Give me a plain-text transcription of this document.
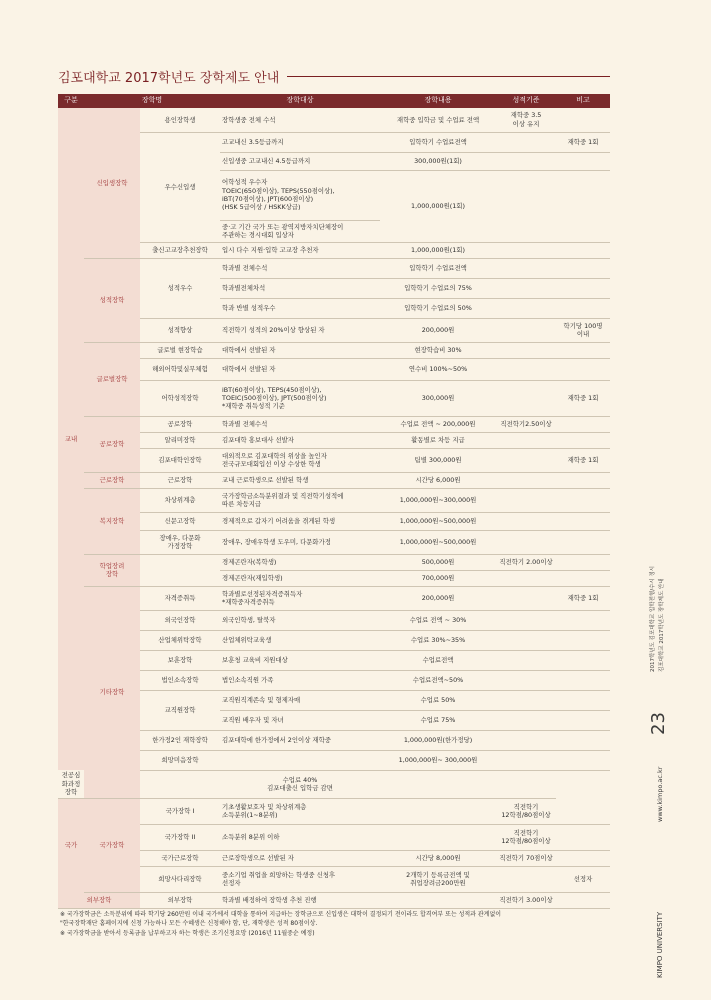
김포대학교 2017학년도 장학제도 안내
구분	장학명		장학대상	장학내용	성적기준	비고
교내	신입생장학	용인장학생	장학생중 전체 수석	재학중 입학금 및 수업료 전액	재학중 3.5
이상 유지	
		우수신입생	고교내신 3.5등급까지	입학학기 수업료전액		재학중 1회
			신입생중 고교내신 4.5등급까지	300,000원(1회)		
			어학성적 우수자
TOEIC(650점이상), TEPS(550점이상),
iBT(70점이상), JPT(600점이상)
(HSK 5급이상 / HSKK상급)	1,000,000원(1회)		
			중·고 기간 국가 또는 광역지방자치단체장이
주관하는 경시대회 입상자			
		출신고교장추천장학	입시 다수 지원·입학 고교장 추천자	1,000,000원(1회)		
	성적장학	성적우수	학과별 전체수석	입학학기 수업료전액		
			학과별전체차석	입학학기 수업료의 75%		
			학과 반별 성적우수	입학학기 수업료의 50%		
		성적향상	직전학기 성적의 20%이상 향상된 자	200,000원		학기당 100명
이내
	글로벌장학	글로벌 현장학습	대학에서 선발된 자	현장학습비 30%		
		해외어학및실무체험	대학에서 선발된 자	연수비 100%~50%		
		어학성적장학	iBT(60점이상), TEPS(450점이상),
TOEIC(500점이상), JPT(500점이상)
*재학중 취득성적 기준	300,000원		재학중 1회
	공로장학	공로장학	학과별 전체수석	수업료 전액 ~ 200,000원	직전학기2.50이상	
		알리미장학	김포대학 홍보대사 선발자	활동별로 차등 지급		
		김포대학인장학	대외적으로 김포대학의 위상을 높인자
전국규모대회입선 이상 수상한 학생	팀별 300,000원		재학중 1회
	근로장학	근로장학	교내 근로학생으로 선발된 학생	시간당 6,000원		
	복지장학	차상위계층	국가장학금소득분위결과 및 직전학기성적에
따른 차등지급	1,000,000원~300,000원		
		신문고장학	경제적으로 갑자기 어려움을 겪게된 학생	1,000,000원~500,000원		
		장애우, 다문화
가정장학	장애우, 장애우학생 도우미, 다문화가정	1,000,000원~500,000원		
	학업장려
장학		경제곤란자(복학생)	500,000원	직전학기 2.00이상	
			경제곤란자(재입학생)	700,000원		
	기타장학	자격증취득	학과별로선정된자격증취득자
*재학중자격증취득	200,000원		재학중 1회
		외국인장학	외국인학생, 탈북자	수업료 전액 ~ 30%		
		산업체위탁장학	산업체위탁교육생	수업료 30%~35%		
		보훈장학	보훈청 교육비 지원대상	수업료전액		
		법인소속장학	법인소속직원 가족	수업료전액~50%		
		교직원장학	교직원직계존속 및 형제자매	수업료 50%		
			교직원 배우자 및 자녀	수업료 75%		
		한가정2인 재학장학	김포대학에 한가정에서 2인이상 재학중	1,000,000원(한가정당)		
		희망미음장학		1,000,000원~ 300,000원		
전공심화과정장학			수업료 40%
김포대출신 입학금 감면			
국가	국가장학	국가장학 I	기초생활보호자 및 차상위계층
소득분위(1~8분위)		직전학기
12학점/80점이상	
		국가장학 II	소득분위 8분위 이하		직전학기
12학점/80점이상	
		국가근로장학	근로장학생으로 선발된 자	시간당 8,000원	직전학기 70점이상	
		희망사다리장학	중소기업 취업을 희망하는 학생중 신청후
선정자	2개학기 등록금전액 및
취업장려금200만원		선정자
외부장학		외부장학	학과별 배정하여 장학생 추천 진행		직전학기 3.00이상	
※ 국가장학금은 소득분위에 따라 학기당 260만원 이내 국가에서 대학을 통하여 지급하는 장학금으로 신입생은 대학이 결정되기 전이라도 합격여부 또는 성적과 관계없이
"한국장학재단 홈페이지에 신청 가능하나 모든 수혜생은 신청해야 함, 단, 재학생은 성적 80점이상.
※ 국가장학금을 받아서 등록금을 납부하고자 하는 학생은 조기신청요망 (2016년 11월중순 예정)
2017학년도 김포대학교 입학전형/수시 정시 김포대학교 2017학년도 장학제도 안내
23
www.kimpo.ac.kr
KIMPO UNIVERSITY
